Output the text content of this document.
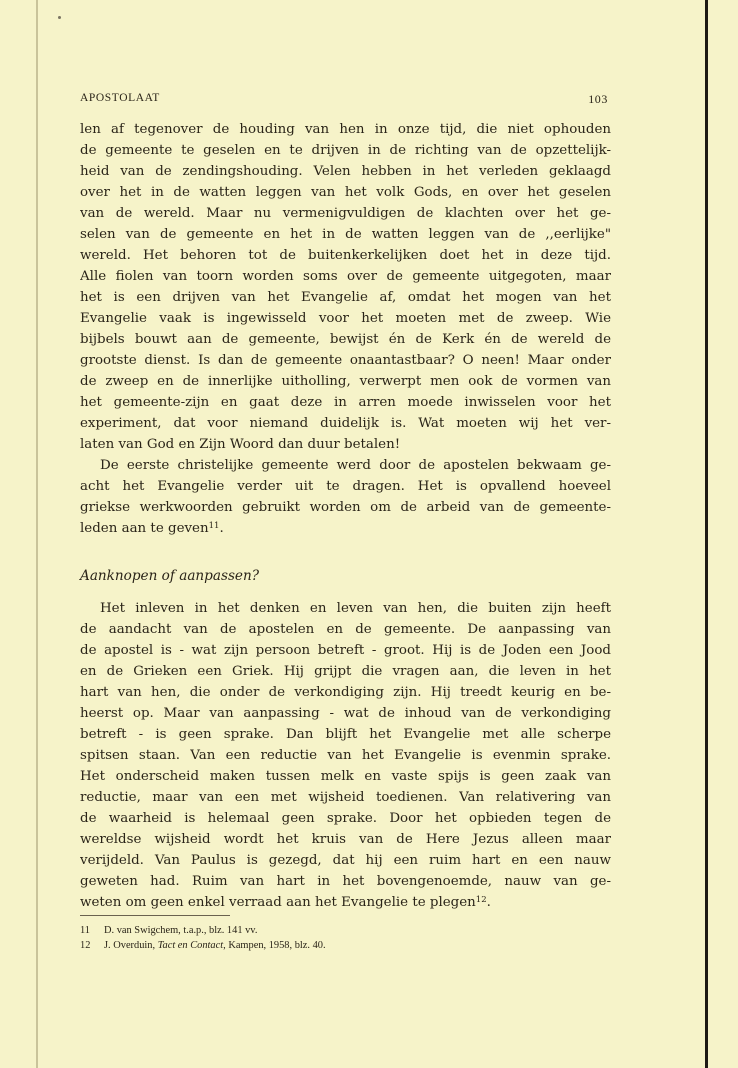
APOSTOLAAT	103
len af tegenover de houding van hen in onze tijd, die niet ophouden
de gemeente te geselen en te drijven in de richting van de opzettelijk-
heid van de zendingshouding. Velen hebben in het verleden geklaagd
over het in de watten leggen van het volk Gods, en over het geselen
van de wereld. Maar nu vermenigvuldigen de klachten over het ge-
selen van de gemeente en het in de watten leggen van de ,,eerlijke"
wereld. Het behoren tot de buitenkerkelijken doet het in deze tijd.
Alle fiolen van toorn worden soms over de gemeente uitgegoten, maar
het is een drijven van het Evangelie af, omdat het mogen van het
Evangelie vaak is ingewisseld voor het moeten met de zweep. Wie
bijbels bouwt aan de gemeente, bewijst én de Kerk én de wereld de
grootste dienst. Is dan de gemeente onaantastbaar? O neen! Maar onder
de zweep en de innerlijke uitholling, verwerpt men ook de vormen van
het gemeente-zijn en gaat deze in arren moede inwisselen voor het
experiment, dat voor niemand duidelijk is. Wat moeten wij het ver-
laten van God en Zijn Woord dan duur betalen!
De eerste christelijke gemeente werd door de apostelen bekwaam ge-
acht het Evangelie verder uit te dragen. Het is opvallend hoeveel
griekse werkwoorden gebruikt worden om de arbeid van de gemeente-
leden aan te geven$^{11}$.
Aanknopen of aanpassen?
Het inleven in het denken en leven van hen, die buiten zijn heeft
de aandacht van de apostelen en de gemeente. De aanpassing van
de apostel is - wat zijn persoon betreft - groot. Hij is de Joden een Jood
en de Grieken een Griek. Hij grijpt die vragen aan, die leven in het
hart van hen, die onder de verkondiging zijn. Hij treedt keurig en be-
heerst op. Maar van aanpassing - wat de inhoud van de verkondiging
betreft - is geen sprake. Dan blijft het Evangelie met alle scherpe
spitsen staan. Van een reductie van het Evangelie is evenmin sprake.
Het onderscheid maken tussen melk en vaste spijs is geen zaak van
reductie, maar van een met wijsheid toedienen. Van relativering van
de waarheid is helemaal geen sprake. Door het opbieden tegen de
wereldse wijsheid wordt het kruis van de Here Jezus alleen maar
verijdeld. Van Paulus is gezegd, dat hij een ruim hart en een nauw
geweten had. Ruim van hart in het bovengenoemde, nauw van ge-
weten om geen enkel verraad aan het Evangelie te plegen$^{12}$.
11 D. van Swigchem, t.a.p., blz. 141 vv.
12 J. Overduin, Tact en Contact, Kampen, 1958, blz. 40.
